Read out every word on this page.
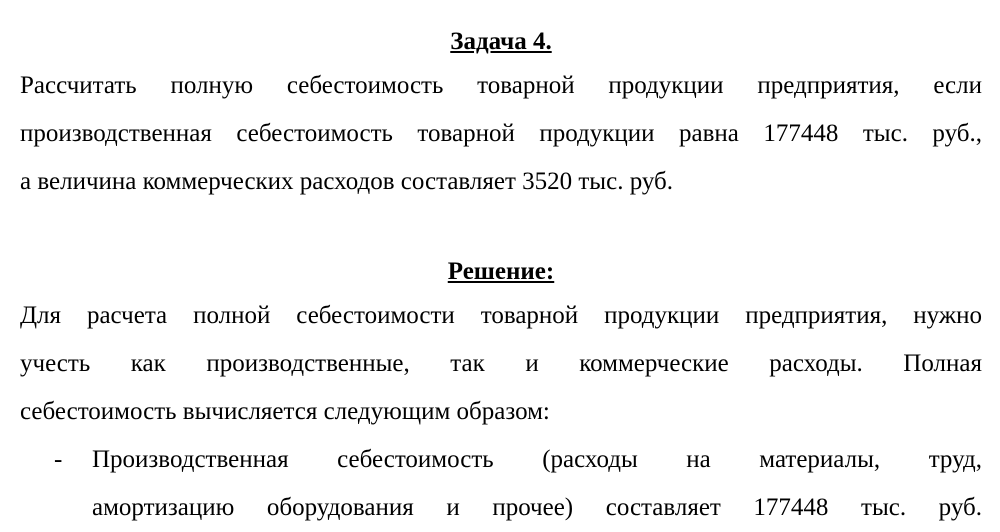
Задача 4.

Рассчитать полную себестоимость товарной продукции предприятия, если
производственная себестоимость товарной продукции равна 177448 тыс. руб.,
а величина коммерческих расходов составляет 3520 тыс. руб.

Решение:

Для расчета полной себестоимости товарной продукции предприятия, нужно
учесть как производственные, так и коммерческие расходы. Полная
себестоимость вычисляется следующим образом:

- Производственная себестоимость (расходы на материалы, труд,
амортизацию оборудования и прочее) составляет 177448 тыс. руб.
